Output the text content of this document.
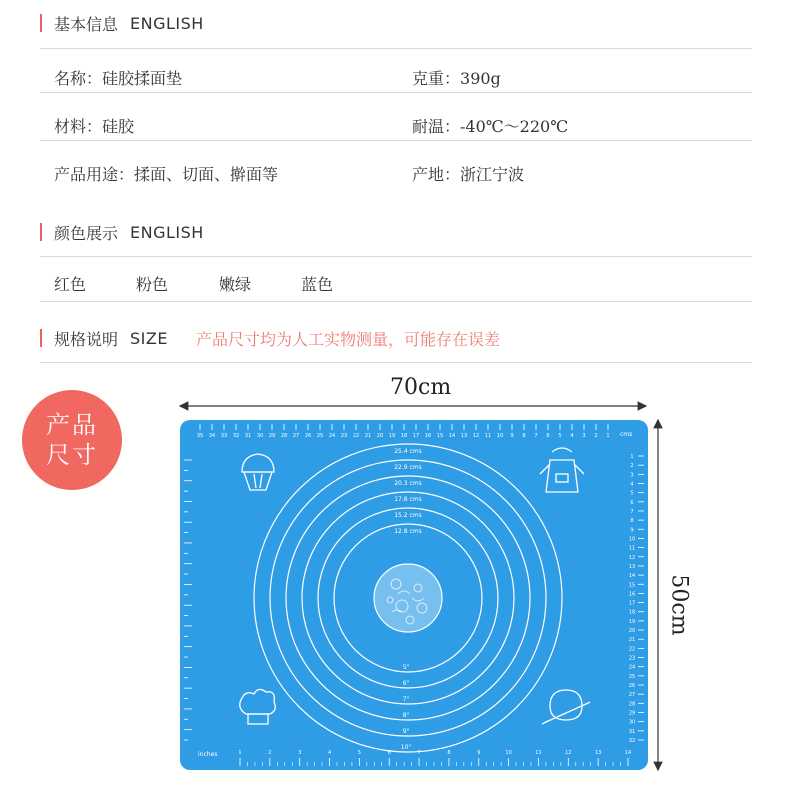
基本信息 ENGLISH
名称：硅胶揉面垫	克重：390g
材料：硅胶	耐温：-40℃～220℃
产品用途：揉面、切面、擀面等	产地：浙江宁波
颜色展示 ENGLISH
红色	粉色	嫩绿	蓝色
规格说明 SIZE 产品尺寸均为人工实物测量，可能存在误差
产品
尺寸
70cm
50cm
1
2
3
4
5
6
7
8
9
10
11
12
13
14
15
16
17
18
19
20
21
22
23
24
25
26
27
28
29
30
31
32
33
34
35	cms
1	2	3	4	5	6	7	8	9	10	11	12	13	14
inches
1
2
3
4
5
6
7
8
9
10
11
12
13
14
15
16
17
18
19
20
21
22
23
24
25
26
27
28
29
30
31
32
25.4 cms
22.9 cms
20.3 cms
17.8 cms
15.2 cms
12.8 cms
5"
6"
7"
8"
9"
10"
